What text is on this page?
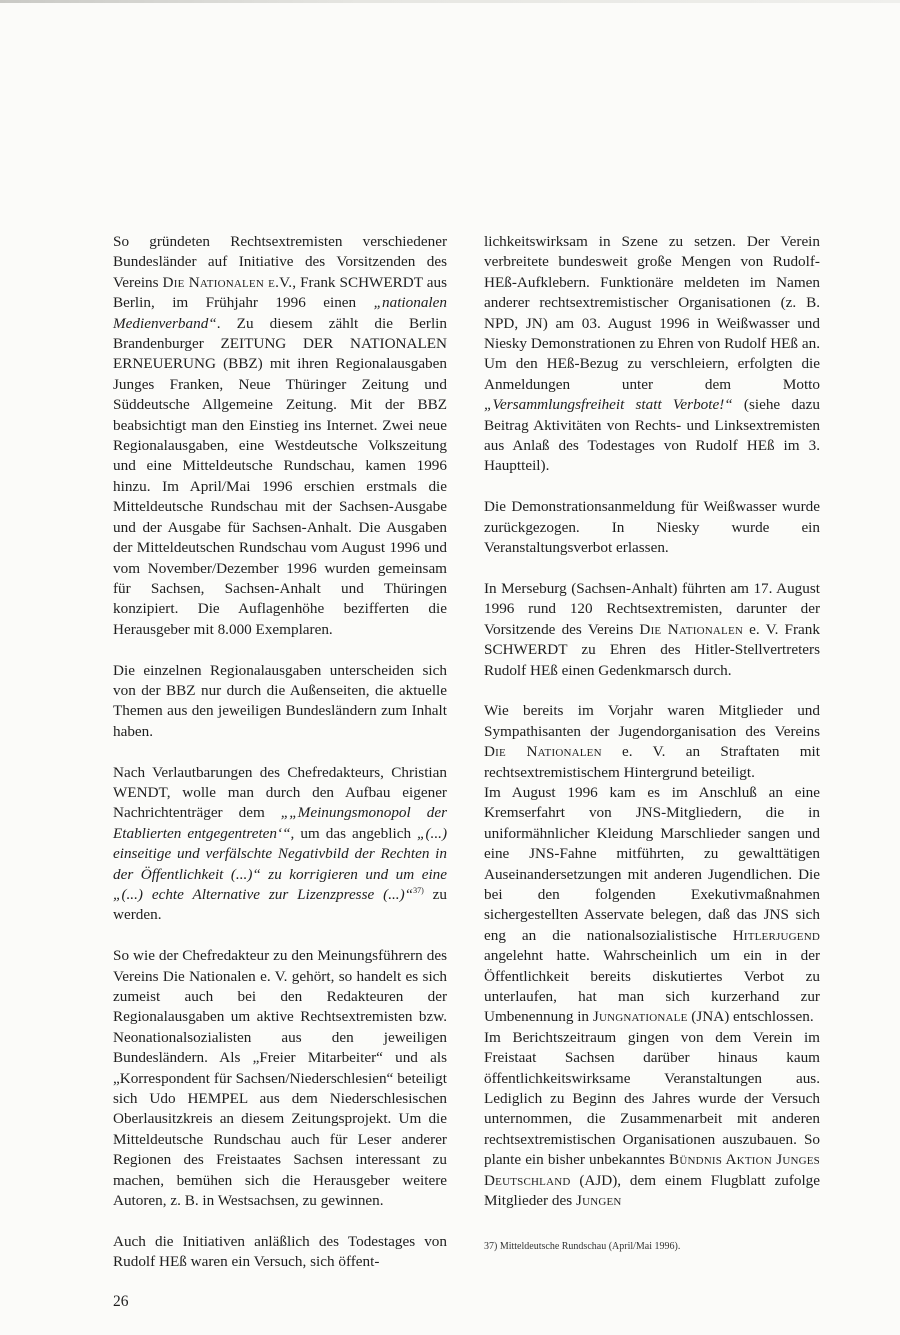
So gründeten Rechtsextremisten verschiedener Bundesländer auf Initiative des Vorsitzenden des Vereins Die Nationalen e.V., Frank SCHWERDT aus Berlin, im Frühjahr 1996 einen „nationalen Medienverband“. Zu diesem zählt die Berlin Brandenburger ZEITUNG DER NATIONALEN ERNEUERUNG (BBZ) mit ihren Regionalausgaben Junges Franken, Neue Thüringer Zeitung und Süddeutsche Allgemeine Zeitung. Mit der BBZ beabsichtigt man den Einstieg ins Internet. Zwei neue Regionalausgaben, eine Westdeutsche Volkszeitung und eine Mitteldeutsche Rundschau, kamen 1996 hinzu. Im April/Mai 1996 erschien erstmals die Mitteldeutsche Rundschau mit der Sachsen-Ausgabe und der Ausgabe für Sachsen-Anhalt. Die Ausgaben der Mitteldeutschen Rundschau vom August 1996 und vom November/Dezember 1996 wurden gemeinsam für Sachsen, Sachsen-Anhalt und Thüringen konzipiert. Die Auflagenhöhe bezifferten die Herausgeber mit 8.000 Exemplaren.

Die einzelnen Regionalausgaben unterscheiden sich von der BBZ nur durch die Außenseiten, die aktuelle Themen aus den jeweiligen Bundesländern zum Inhalt haben.

Nach Verlautbarungen des Chefredakteurs, Christian WENDT, wolle man durch den Aufbau eigener Nachrichtenträger dem „„Meinungsmonopol der Etablierten entgegentreten‘“, um das angeblich „(...) einseitige und verfälschte Negativbild der Rechten in der Öffentlichkeit (...)“ zu korrigieren und um eine „(...) echte Alternative zur Lizenzpresse (...)“$^{37)}$ zu werden.

So wie der Chefredakteur zu den Meinungsführern des Vereins Die Nationalen e. V. gehört, so handelt es sich zumeist auch bei den Redakteuren der Regionalausgaben um aktive Rechtsextremisten bzw. Neonationalsozialisten aus den jeweiligen Bundesländern. Als „Freier Mitarbeiter“ und als „Korrespondent für Sachsen/Niederschlesien“ beteiligt sich Udo HEMPEL aus dem Niederschlesischen Oberlausitzkreis an diesem Zeitungsprojekt. Um die Mitteldeutsche Rundschau auch für Leser anderer Regionen des Freistaates Sachsen interessant zu machen, bemühen sich die Herausgeber weitere Autoren, z. B. in Westsachsen, zu gewinnen.

Auch die Initiativen anläßlich des Todestages von Rudolf HEß waren ein Versuch, sich öffent-

lichkeitswirksam in Szene zu setzen. Der Verein verbreitete bundesweit große Mengen von Rudolf-HEß-Aufklebern. Funktionäre meldeten im Namen anderer rechtsextremistischer Organisationen (z. B. NPD, JN) am 03. August 1996 in Weißwasser und Niesky Demonstrationen zu Ehren von Rudolf HEß an. Um den HEß-Bezug zu verschleiern, erfolgten die Anmeldungen unter dem Motto „Versammlungsfreiheit statt Verbote!“ (siehe dazu Beitrag Aktivitäten von Rechts- und Linksextremisten aus Anlaß des Todestages von Rudolf HEß im 3. Hauptteil).

Die Demonstrationsanmeldung für Weißwasser wurde zurückgezogen. In Niesky wurde ein Veranstaltungsverbot erlassen.

In Merseburg (Sachsen-Anhalt) führten am 17. August 1996 rund 120 Rechtsextremisten, darunter der Vorsitzende des Vereins Die Nationalen e. V. Frank SCHWERDT zu Ehren des Hitler-Stellvertreters Rudolf HEß einen Gedenkmarsch durch.

Wie bereits im Vorjahr waren Mitglieder und Sympathisanten der Jugendorganisation des Vereins Die Nationalen e. V. an Straftaten mit rechtsextremistischem Hintergrund beteiligt.

Im August 1996 kam es im Anschluß an eine Kremserfahrt von JNS-Mitgliedern, die in uniformähnlicher Kleidung Marschlieder sangen und eine JNS-Fahne mitführten, zu gewalttätigen Auseinandersetzungen mit anderen Jugendlichen. Die bei den folgenden Exekutivmaßnahmen sichergestellten Asservate belegen, daß das JNS sich eng an die nationalsozialistische Hitlerjugend angelehnt hatte. Wahrscheinlich um ein in der Öffentlichkeit bereits diskutiertes Verbot zu unterlaufen, hat man sich kurzerhand zur Umbenennung in Jungnationale (JNA) entschlossen.

Im Berichtszeitraum gingen von dem Verein im Freistaat Sachsen darüber hinaus kaum öffentlichkeitswirksame Veranstaltungen aus. Lediglich zu Beginn des Jahres wurde der Versuch unternommen, die Zusammenarbeit mit anderen rechtsextremistischen Organisationen auszubauen. So plante ein bisher unbekanntes Bündnis Aktion Junges Deutschland (AJD), dem einem Flugblatt zufolge Mitglieder des Jungen

37) Mitteldeutsche Rundschau (April/Mai 1996).
26
